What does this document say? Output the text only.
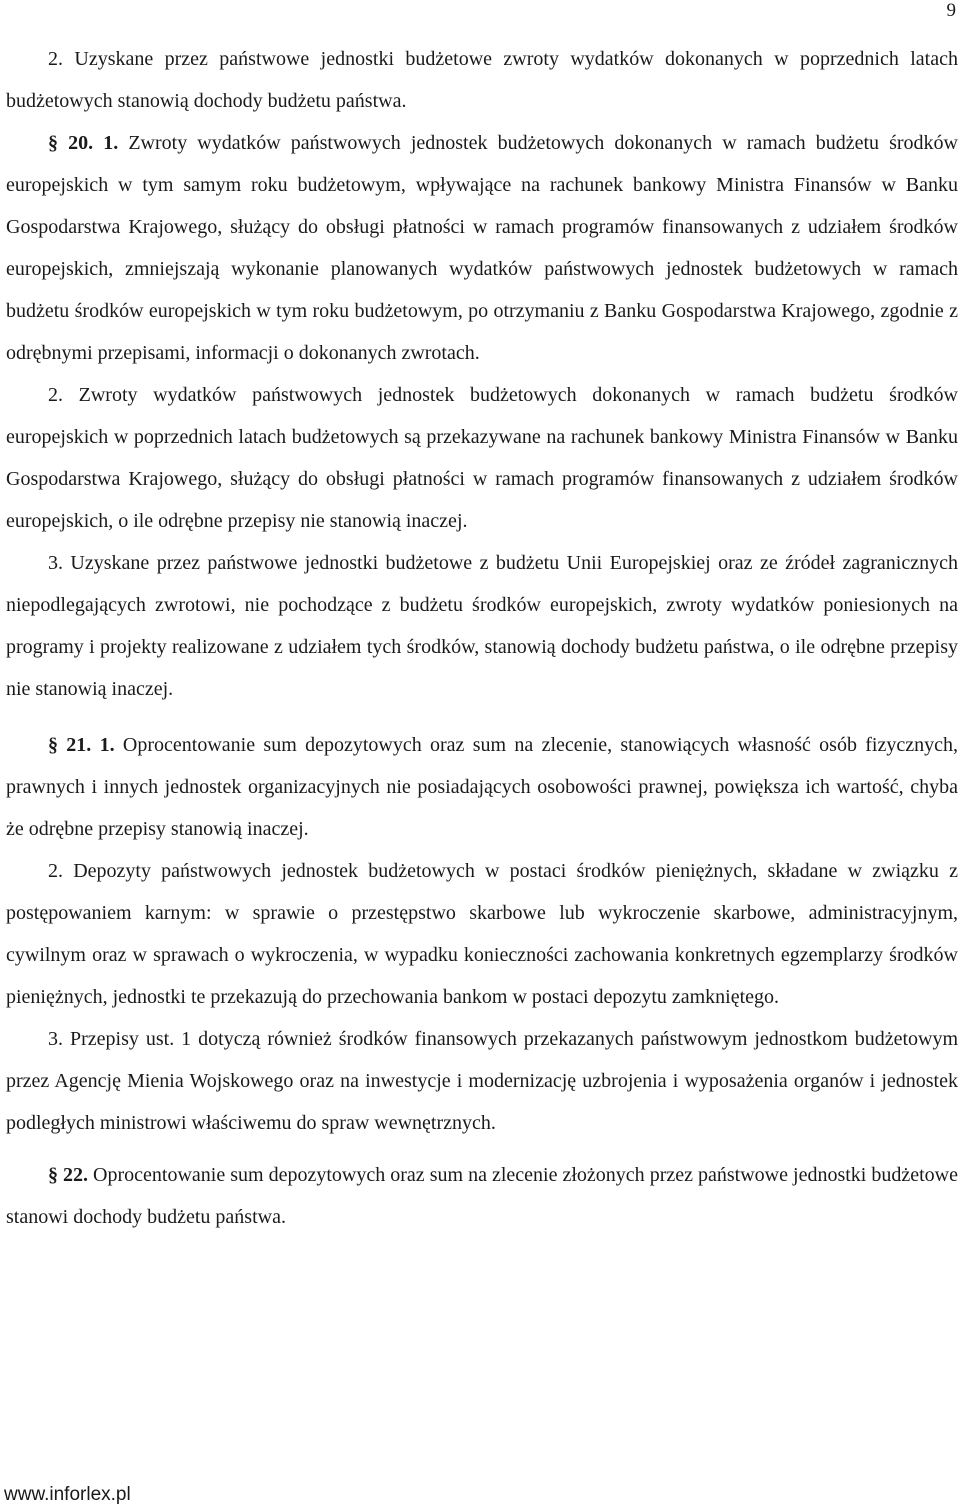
9

2. Uzyskane przez państwowe jednostki budżetowe zwroty wydatków dokonanych w poprzednich latach budżetowych stanowią dochody budżetu państwa.

§ 20. 1. Zwroty wydatków państwowych jednostek budżetowych dokonanych w ramach budżetu środków europejskich w tym samym roku budżetowym, wpływające na rachunek bankowy Ministra Finansów w Banku Gospodarstwa Krajowego, służący do obsługi płatności w ramach programów finansowanych z udziałem środków europejskich, zmniejszają wykonanie planowanych wydatków państwowych jednostek budżetowych w ramach budżetu środków europejskich w tym roku budżetowym, po otrzymaniu z Banku Gospodarstwa Krajowego, zgodnie z odrębnymi przepisami, informacji o dokonanych zwrotach.

2. Zwroty wydatków państwowych jednostek budżetowych dokonanych w ramach budżetu środków europejskich w poprzednich latach budżetowych są przekazywane na rachunek bankowy Ministra Finansów w Banku Gospodarstwa Krajowego, służący do obsługi płatności w ramach programów finansowanych z udziałem środków europejskich, o ile odrębne przepisy nie stanowią inaczej.

3. Uzyskane przez państwowe jednostki budżetowe z budżetu Unii Europejskiej oraz ze źródeł zagranicznych niepodlegających zwrotowi, nie pochodzące z budżetu środków europejskich, zwroty wydatków poniesionych na programy i projekty realizowane z udziałem tych środków, stanowią dochody budżetu państwa, o ile odrębne przepisy nie stanowią inaczej.

§ 21. 1. Oprocentowanie sum depozytowych oraz sum na zlecenie, stanowiących własność osób fizycznych, prawnych i innych jednostek organizacyjnych nie posiadających osobowości prawnej, powiększa ich wartość, chyba że odrębne przepisy stanowią inaczej.

2. Depozyty państwowych jednostek budżetowych w postaci środków pieniężnych, składane w związku z postępowaniem karnym: w sprawie o przestępstwo skarbowe lub wykroczenie skarbowe, administracyjnym, cywilnym oraz w sprawach o wykroczenia, w wypadku konieczności zachowania konkretnych egzemplarzy środków pieniężnych, jednostki te przekazują do przechowania bankom w postaci depozytu zamkniętego.

3. Przepisy ust. 1 dotyczą również środków finansowych przekazanych państwowym jednostkom budżetowym przez Agencję Mienia Wojskowego oraz na inwestycje i modernizację uzbrojenia i wyposażenia organów i jednostek podległych ministrowi właściwemu do spraw wewnętrznych.

§ 22. Oprocentowanie sum depozytowych oraz sum na zlecenie złożonych przez państwowe jednostki budżetowe stanowi dochody budżetu państwa.

www.inforlex.pl
